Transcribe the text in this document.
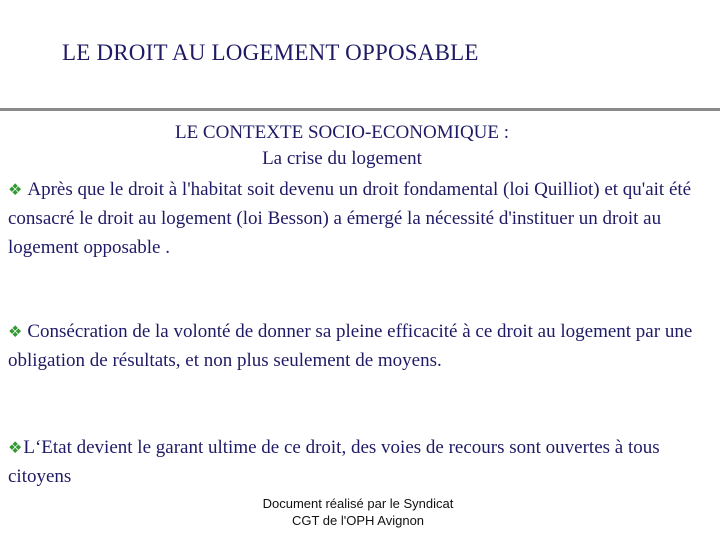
LE DROIT AU LOGEMENT OPPOSABLE
LE CONTEXTE SOCIO-ECONOMIQUE :
La crise du logement
❖ Après que le droit à l'habitat soit devenu un droit fondamental (loi Quilliot) et qu'ait été consacré le droit au logement (loi Besson) a émergé la nécessité d'instituer un droit au logement opposable .
❖ Consécration de la volonté de donner sa pleine efficacité à ce droit au logement par une obligation de résultats, et non plus seulement de moyens.
❖L‘Etat devient le garant ultime de ce droit, des voies de recours sont ouvertes à tous citoyens
Document réalisé par le Syndicat
CGT de l'OPH Avignon
